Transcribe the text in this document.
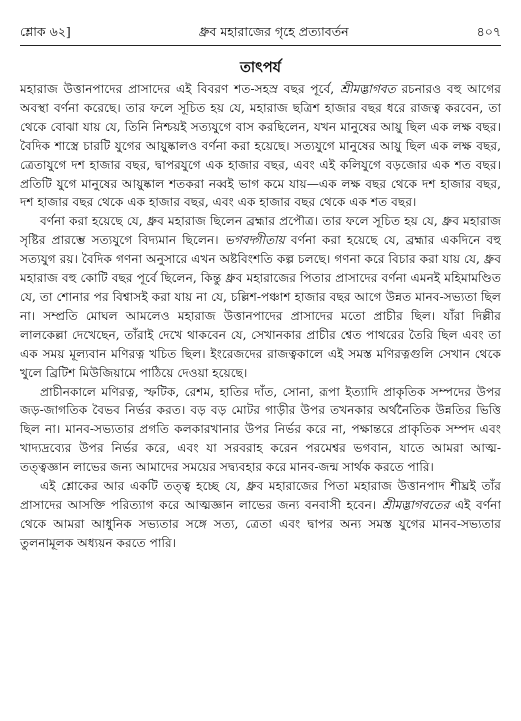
শ্লোক ৬২]	ধ্রুব মহারাজের গৃহে প্রত্যাবর্তন	৪০৭
তাৎপর্য

মহারাজ উত্তানপাদের প্রাসাদের এই বিবরণ শত-সহস্র বছর পূর্বে, শ্রীমদ্ভাগবত রচনারও বহু আগের অবস্থা বর্ণনা করেছে। তার ফলে সূচিত হয় যে, মহারাজ ছত্রিশ হাজার বছর ধরে রাজত্ব করবেন, তা থেকে বোঝা যায় যে, তিনি নিশ্চয়ই সত্যযুগে বাস করছিলেন, যখন মানুষের আয়ু ছিল এক লক্ষ বছর। বৈদিক শাস্ত্রে চারটি যুগের আয়ুষ্কালও বর্ণনা করা হয়েছে। সত্যযুগে মানুষের আয়ু ছিল এক লক্ষ বছর, ত্রেতাযুগে দশ হাজার বছর, দ্বাপরযুগে এক হাজার বছর, এবং এই কলিযুগে বড়জোর এক শত বছর। প্রতিটি যুগে মানুষের আয়ুষ্কাল শতকরা নব্বই ভাগ কমে যায়—এক লক্ষ বছর থেকে দশ হাজার বছর, দশ হাজার বছর থেকে এক হাজার বছর, এবং এক হাজার বছর থেকে এক শত বছর।

বর্ণনা করা হয়েছে যে, ধ্রুব মহারাজ ছিলেন ব্রহ্মার প্রপৌত্র। তার ফলে সূচিত হয় যে, ধ্রুব মহারাজ সৃষ্টির প্রারম্ভে সত্যযুগে বিদ্যমান ছিলেন। ভগবদ্গীতায় বর্ণনা করা হয়েছে যে, ব্রহ্মার একদিনে বহু সত্যযুগ রয়। বৈদিক গণনা অনুসারে এখন অষ্টবিংশতি কল্প চলছে। গণনা করে বিচার করা যায় যে, ধ্রুব মহারাজ বহু কোটি বছর পূর্বে ছিলেন, কিন্তু ধ্রুব মহারাজের পিতার প্রাসাদের বর্ণনা এমনই মহিমামণ্ডিত যে, তা শোনার পর বিশ্বাসই করা যায় না যে, চল্লিশ-পঞ্চাশ হাজার বছর আগে উন্নত মানব-সভ্যতা ছিল না। সম্প্রতি মোঘল আমলেও মহারাজ উত্তানপাদের প্রাসাদের মতো প্রাচীর ছিল। যাঁরা দিল্লীর লালকেল্লা দেখেছেন, তাঁরাই দেখে থাকবেন যে, সেখানকার প্রাচীর শ্বেত পাথরের তৈরি ছিল এবং তা এক সময় মূল্যবান মণিরত্ন খচিত ছিল। ইংরেজদের রাজত্বকালে এই সমস্ত মণিরত্নগুলি সেখান থেকে খুলে ব্রিটিশ মিউজিয়ামে পাঠিয়ে দেওয়া হয়েছে।

প্রাচীনকালে মণিরত্ন, স্ফটিক, রেশম, হাতির দাঁত, সোনা, রূপা ইত্যাদি প্রাকৃতিক সম্পদের উপর জড়-জাগতিক বৈভব নির্ভর করত। বড় বড় মোটর গাড়ীর উপর তখনকার অর্থনৈতিক উন্নতির ভিত্তি ছিল না। মানব-সভ্যতার প্রগতি কলকারখানার উপর নির্ভর করে না, পক্ষান্তরে প্রাকৃতিক সম্পদ এবং খাদ্যদ্রব্যের উপর নির্ভর করে, এবং যা সরবরাহ করেন পরমেশ্বর ভগবান, যাতে আমরা আত্ম-তত্ত্বজ্ঞান লাভের জন্য আমাদের সময়ের সদ্ব্যবহার করে মানব-জন্ম সার্থক করতে পারি।

এই শ্লোকের আর একটি তত্ত্ব হচ্ছে যে, ধ্রুব মহারাজের পিতা মহারাজ উত্তানপাদ শীঘ্রই তাঁর প্রাসাদের আসক্তি পরিত্যাগ করে আত্মজ্ঞান লাভের জন্য বনবাসী হবেন। শ্রীমদ্ভাগবতের এই বর্ণনা থেকে আমরা আধুনিক সভ্যতার সঙ্গে সত্য, ত্রেতা এবং দ্বাপর অন্য সমস্ত যুগের মানব-সভ্যতার তুলনামূলক অধ্যয়ন করতে পারি।
